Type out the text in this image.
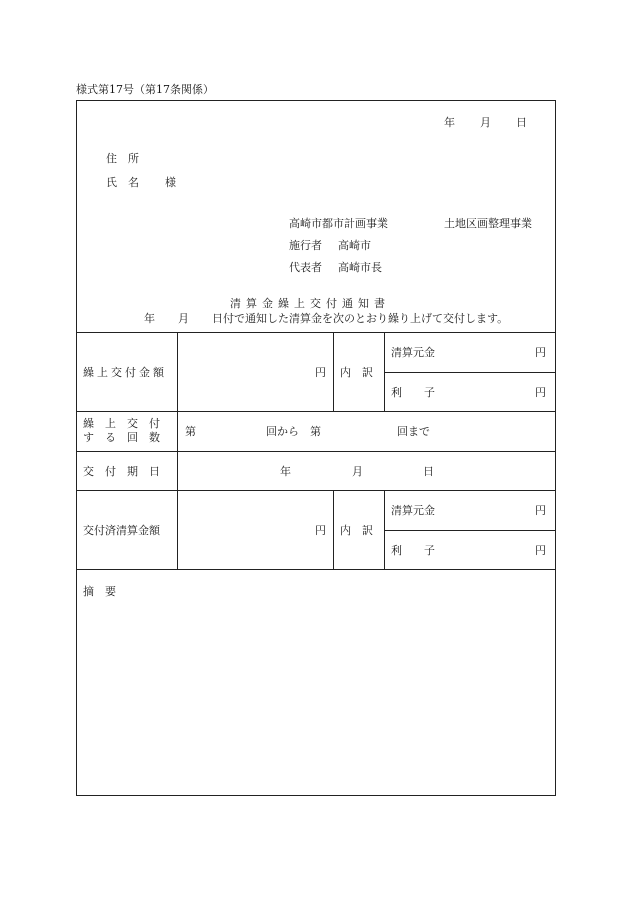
様式第17号（第17条関係）
年 月 日
住　所
氏　名 様
高崎市都市計画事業	土地区画整理事業
施行者 高崎市
代表者 高崎市長
清算金繰上交付通知書
年 月 日付で通知した清算金を次のとおり繰り上げて交付します。
繰上交付金額	円 内　訳
清算元金	円
利　　子	円
繰　上　交　付
す　る　回　数 第	回から　第	回まで
交　付　期　日	年	月	日
交付済清算金額	円 内　訳
清算元金	円
利　　子	円
摘　要
